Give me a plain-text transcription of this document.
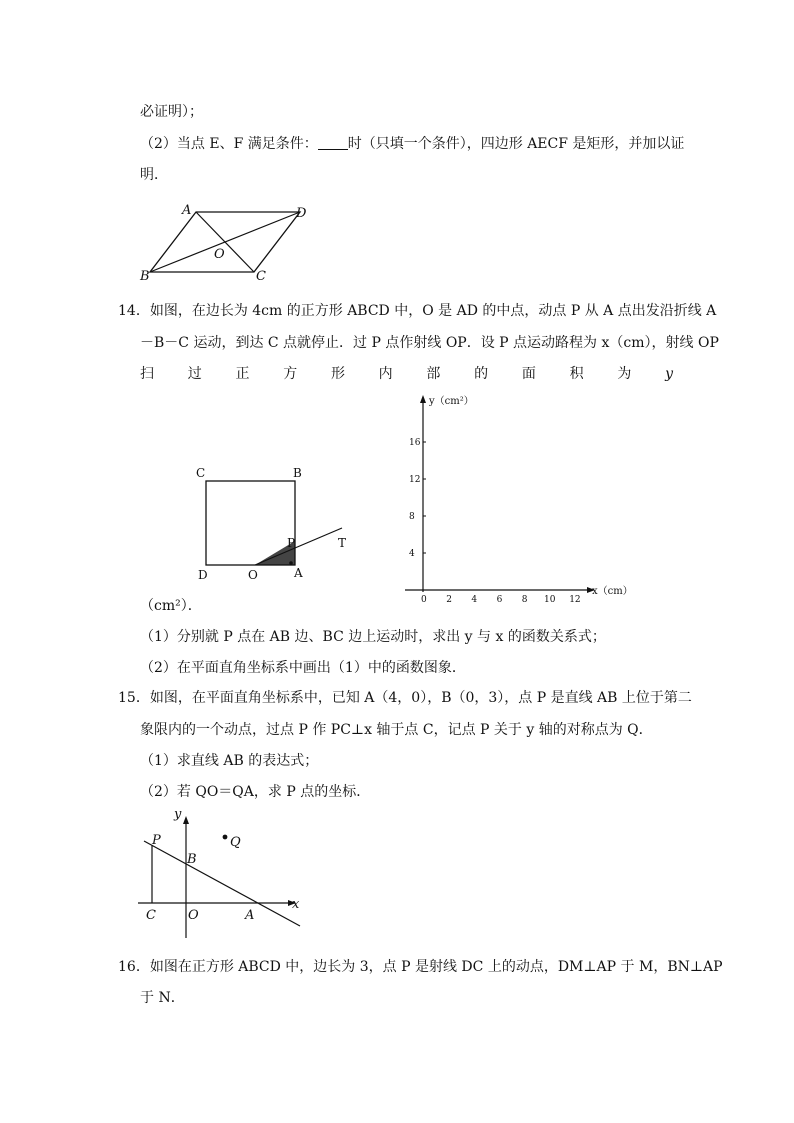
必证明）；
（2）当点 E、F 满足条件： 时（只填一个条件），四边形 AECF 是矩形，并加以证
明．
A	D
B	C
O
14．如图，在边长为 4cm 的正方形 ABCD 中，O 是 AD 的中点，动点 P 从 A 点出发沿折线 A
－B－C 运动，到达 C 点就停止．过 P 点作射线 OP．设 P 点运动路程为 x（cm），射线 OP
扫 过 正 方 形 内 部 的 面 积 为 y
C	B
D	O	A
P	T
y（cm²）
x（cm）
16
12
8
4
0 2 4 6 8 10 12
（cm²）．
（1）分别就 P 点在 AB 边、BC 边上运动时，求出 y 与 x 的函数关系式；
（2）在平面直角坐标系中画出（1）中的函数图象．
15．如图，在平面直角坐标系中，已知 A（4，0），B（0，3），点 P 是直线 AB 上位于第二
象限内的一个动点，过点 P 作 PC⊥x 轴于点 C，记点 P 关于 y 轴的对称点为 Q．
（1）求直线 AB 的表达式；
（2）若 QO＝QA，求 P 点的坐标．
y
x
P	Q
B
C O	A
16．如图在正方形 ABCD 中，边长为 3，点 P 是射线 DC 上的动点，DM⊥AP 于 M，BN⊥AP
于 N．
